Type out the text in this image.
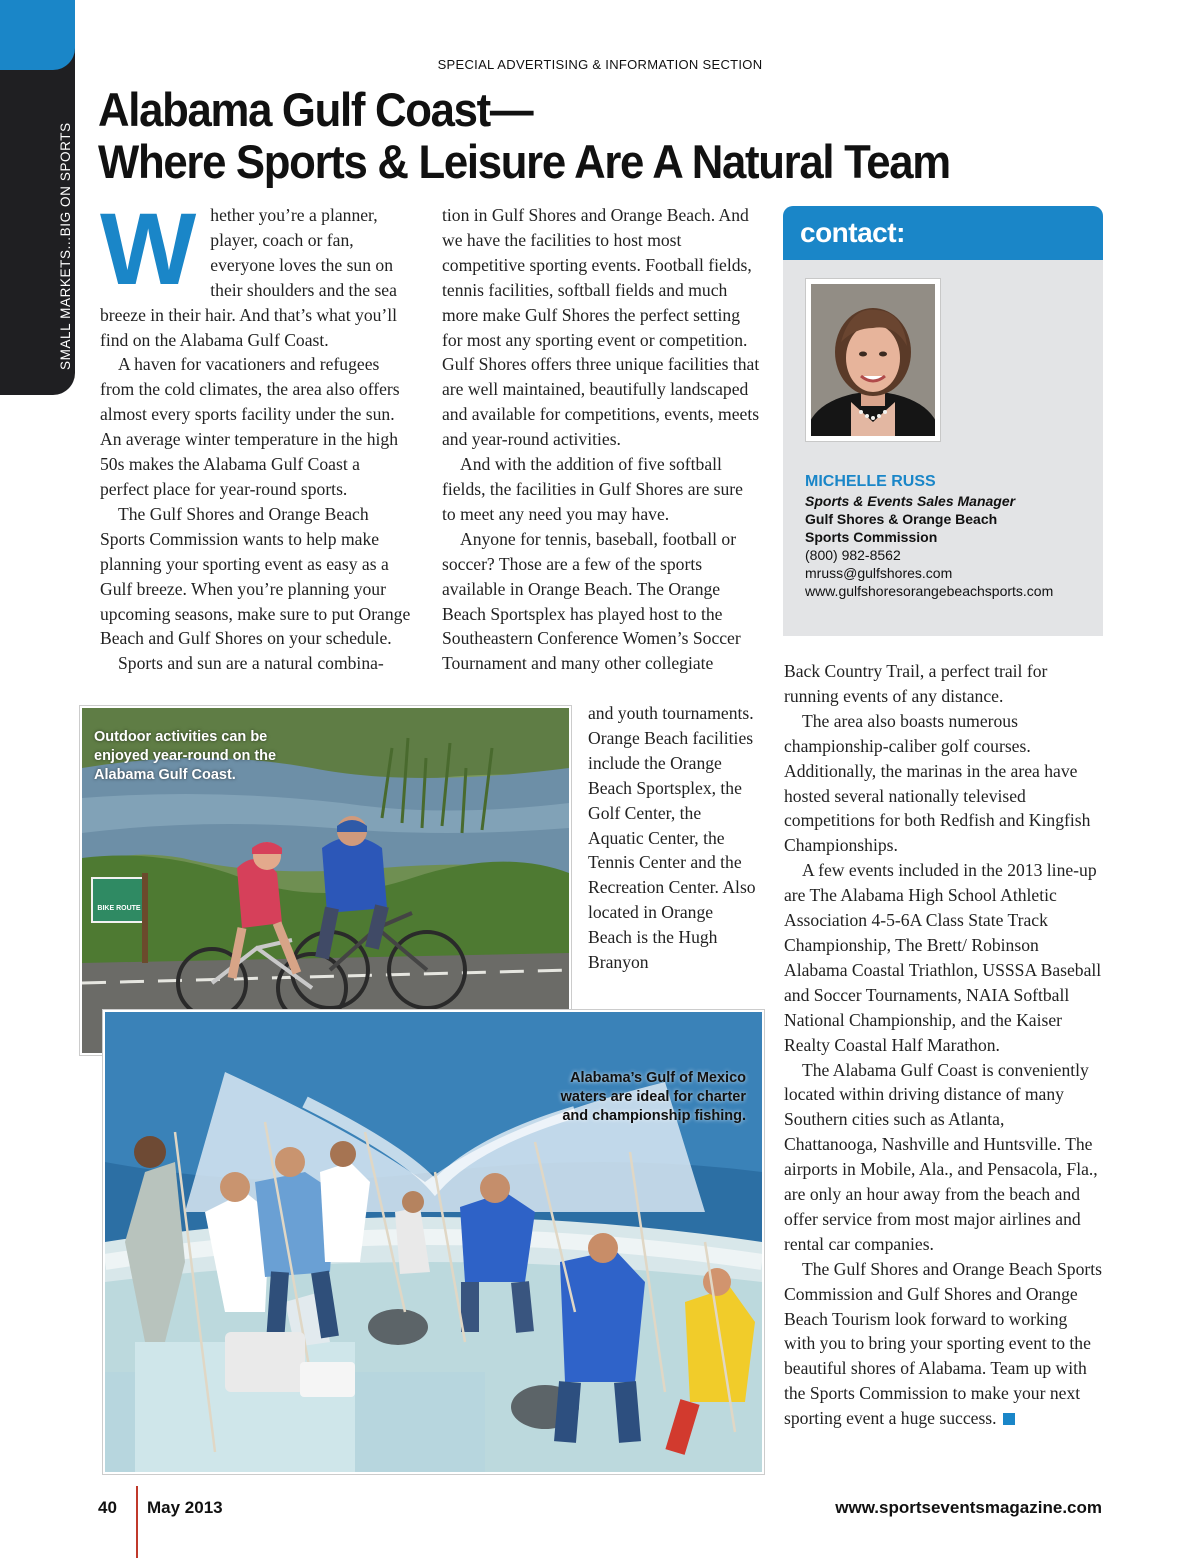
SMALL MARKETS...BIG ON SPORTS
SPECIAL ADVERTISING & INFORMATION SECTION
Alabama Gulf Coast—
Where Sports & Leisure Are A Natural Team
W hether you’re a planner, player, coach or fan, everyone loves the sun on their shoulders and the sea breeze in their hair. And that’s what you’ll find on the Alabama Gulf Coast.

A haven for vacationers and refugees from the cold climates, the area also offers almost every sports facility under the sun. An average winter temperature in the high 50s makes the Alabama Gulf Coast a perfect place for year-round sports.

The Gulf Shores and Orange Beach Sports Commission wants to help make planning your sporting event as easy as a Gulf breeze. When you’re planning your upcoming seasons, make sure to put Orange Beach and Gulf Shores on your schedule.

Sports and sun are a natural combina-

tion in Gulf Shores and Orange Beach. And we have the facilities to host most competitive sporting events. Football fields, tennis facilities, softball fields and much more make Gulf Shores the perfect setting for most any sporting event or competition. Gulf Shores offers three unique facilities that are well maintained, beautifully landscaped and available for competitions, events, meets and year-round activities.

And with the addition of five softball fields, the facilities in Gulf Shores are sure to meet any need you may have.

Anyone for tennis, baseball, football or soccer? Those are a few of the sports available in Orange Beach. The Orange Beach Sportsplex has played host to the Southeastern Conference Women’s Soccer Tournament and many other collegiate

and youth tournaments. Orange Beach facilities include the Orange Beach Sportsplex, the Golf Center, the Aquatic Center, the Tennis Center and the Recreation Center. Also located in Orange Beach is the Hugh Branyon

contact:
MICHELLE RUSS
Sports & Events Sales Manager
Gulf Shores & Orange Beach
Sports Commission
(800) 982-8562
mruss@gulfshores.com
www.gulfshoresorangebeachsports.com

Back Country Trail, a perfect trail for running events of any distance.

The area also boasts numerous championship-caliber golf courses. Additionally, the marinas in the area have hosted several nationally televised competitions for both Redfish and Kingfish Championships.

A few events included in the 2013 line-up are The Alabama High School Athletic Association 4-5-6A Class State Track Championship, The Brett/ Robinson Alabama Coastal Triathlon, USSSA Baseball and Soccer Tournaments, NAIA Softball National Championship, and the Kaiser Realty Coastal Half Marathon.

The Alabama Gulf Coast is conveniently located within driving distance of many Southern cities such as Atlanta, Chattanooga, Nashville and Huntsville. The airports in Mobile, Ala., and Pensacola, Fla., are only an hour away from the beach and offer service from most major airlines and rental car companies.

The Gulf Shores and Orange Beach Sports Commission and Gulf Shores and Orange Beach Tourism look forward to working with you to bring your sporting event to the beautiful shores of Alabama. Team up with the Sports Commission to make your next sporting event a huge success.

Outdoor activities can be enjoyed year-round on the Alabama Gulf Coast.
BIKE ROUTE
Alabama’s Gulf of Mexico waters are ideal for charter and championship fishing.
40 May 2013	www.sportseventsmagazine.com
